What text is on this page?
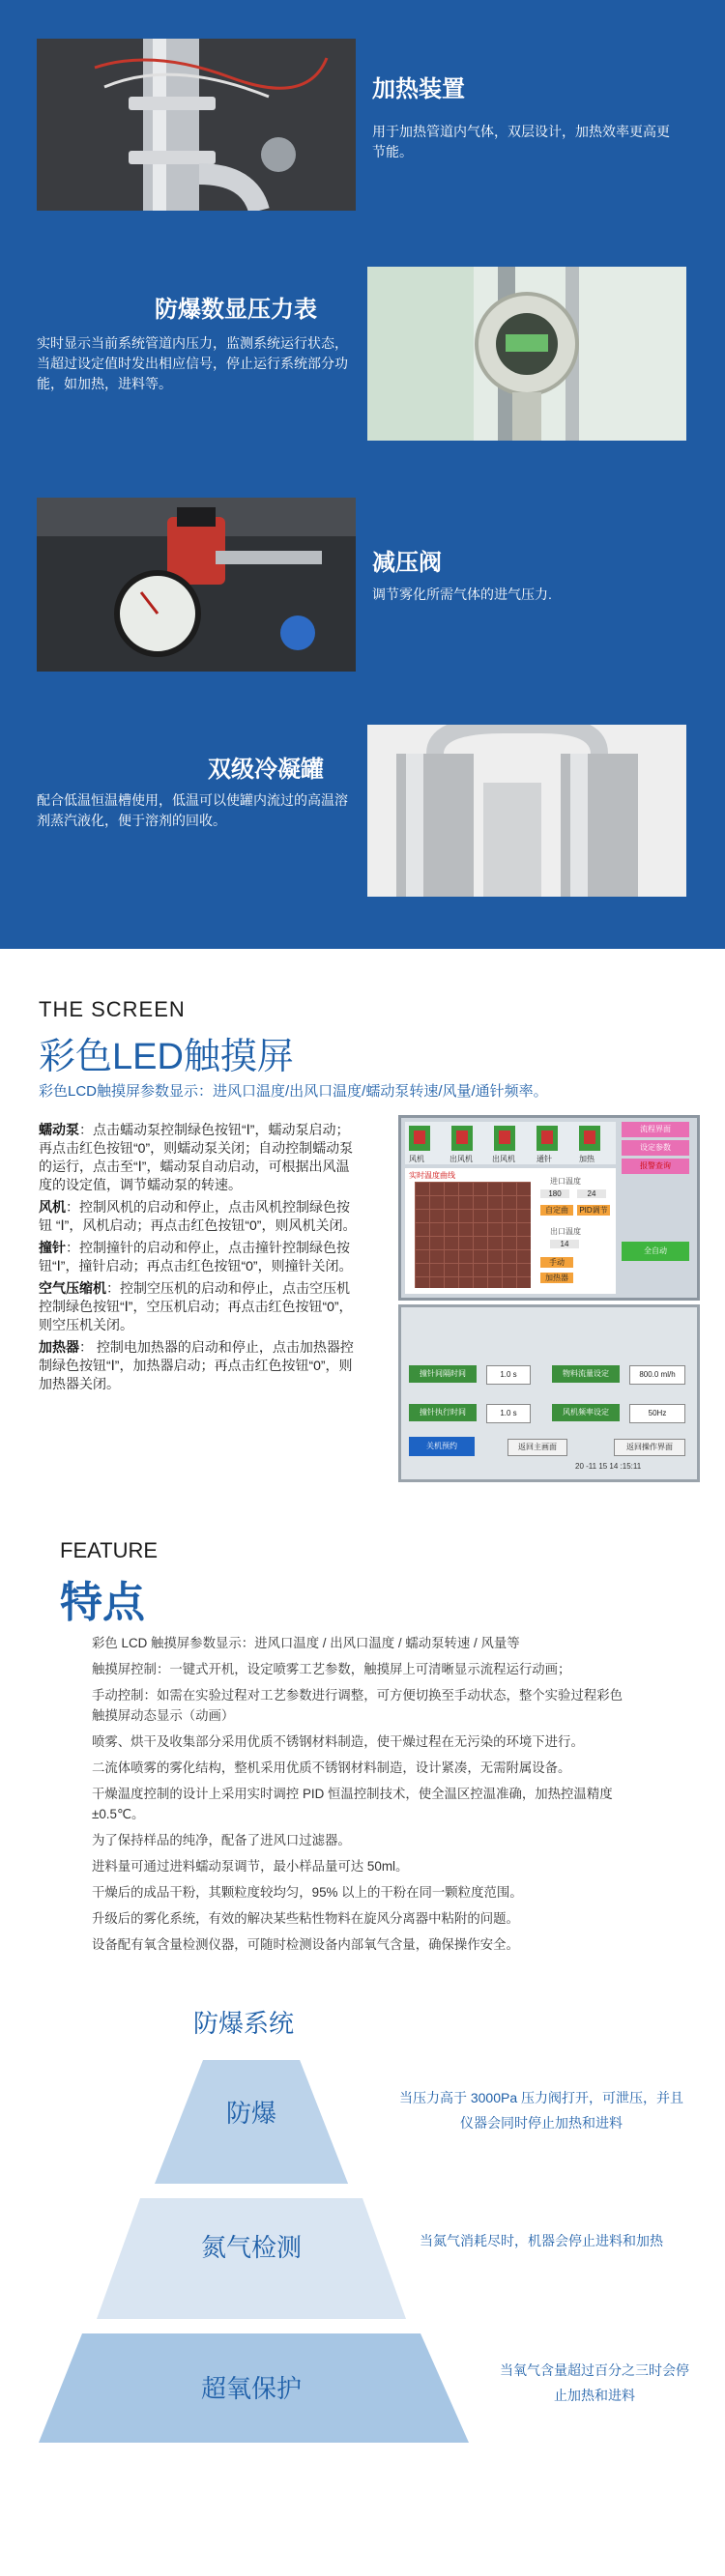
加热装置
用于加热管道内气体，双层设计，加热效率更高更节能。
防爆数显压力表
实时显示当前系统管道内压力，监测系统运行状态，当超过设定值时发出相应信号，停止运行系统部分功能，如加热，进料等。
减压阀
调节雾化所需气体的进气压力.
双级冷凝罐
配合低温恒温槽使用，低温可以使罐内流过的高温溶剂蒸汽液化，便于溶剂的回收。
THE SCREEN
彩色LED触摸屏
彩色LCD触摸屏参数显示：进风口温度/出风口温度/蠕动泵转速/风量/通针频率。

蠕动泵：点击蠕动泵控制绿色按钮“Ⅰ”，蠕动泵启动；再点击红色按钮“0”，则蠕动泵关闭；自动控制蠕动泵的运行，点击至“Ⅰ”，蠕动泵自动启动，可根据出风温度的设定值，调节蠕动泵的转速。

风机：控制风机的启动和停止，点击风机控制绿色按钮 “Ⅰ”，风机启动；再点击红色按钮“0”，则风机关闭。

撞针：控制撞针的启动和停止，点击撞针控制绿色按钮“Ⅰ”，撞针启动；再点击红色按钮“0”，则撞针关闭。

空气压缩机：控制空压机的启动和停止，点击空压机控制绿色按钮“Ⅰ”，空压机启动；再点击红色按钮“0”，则空压机关闭。

加热器： 控制电加热器的启动和停止，点击加热器控制绿色按钮“Ⅰ”，加热器启动；再点击红色按钮“0”，则加热器关闭。

风机	出风机	出风机	通针	加热
流程界面
设定参数
报警查询
实时温度曲线
进口温度
180	24
自定曲	PID调节
出口温度
14
手动
加热器
全自动
撞针间隔时间	1.0 s	物料流量设定	800.0 ml/h
撞针执行时间	1.0 s	风机频率设定	50Hz
关机预约	返回主画面	返回操作界面
20 -11 15 14 :15:11
FEATURE
特点

彩色 LCD 触摸屏参数显示：进风口温度 / 出风口温度 / 蠕动泵转速 / 风量等

触摸屏控制：一键式开机，设定喷雾工艺参数，触摸屏上可清晰显示流程运行动画；

手动控制：如需在实验过程对工艺参数进行调整，可方便切换至手动状态，整个实验过程彩色触摸屏动态显示（动画）

喷雾、烘干及收集部分采用优质不锈钢材料制造，使干燥过程在无污染的环境下进行。

二流体喷雾的雾化结构，整机采用优质不锈钢材料制造，设计紧凑，无需附属设备。

干燥温度控制的设计上采用实时调控 PID 恒温控制技术，使全温区控温准确，加热控温精度 ±0.5℃。

为了保持样品的纯净，配备了进风口过滤器。

进料量可通过进料蠕动泵调节，最小样品量可达 50ml。

干燥后的成品干粉，其颗粒度较均匀，95% 以上的干粉在同一颗粒度范围。

升级后的雾化系统，有效的解决某些粘性物料在旋风分离器中粘附的问题。

设备配有氧含量检测仪器，可随时检测设备内部氧气含量，确保操作安全。

防爆系统
防爆
氮气检测
超氧保护
当压力高于 3000Pa 压力阀打开，可泄压，并且仪器会同时停止加热和进料
当氮气消耗尽时，机器会停止进料和加热
当氧气含量超过百分之三时会停止加热和进料
